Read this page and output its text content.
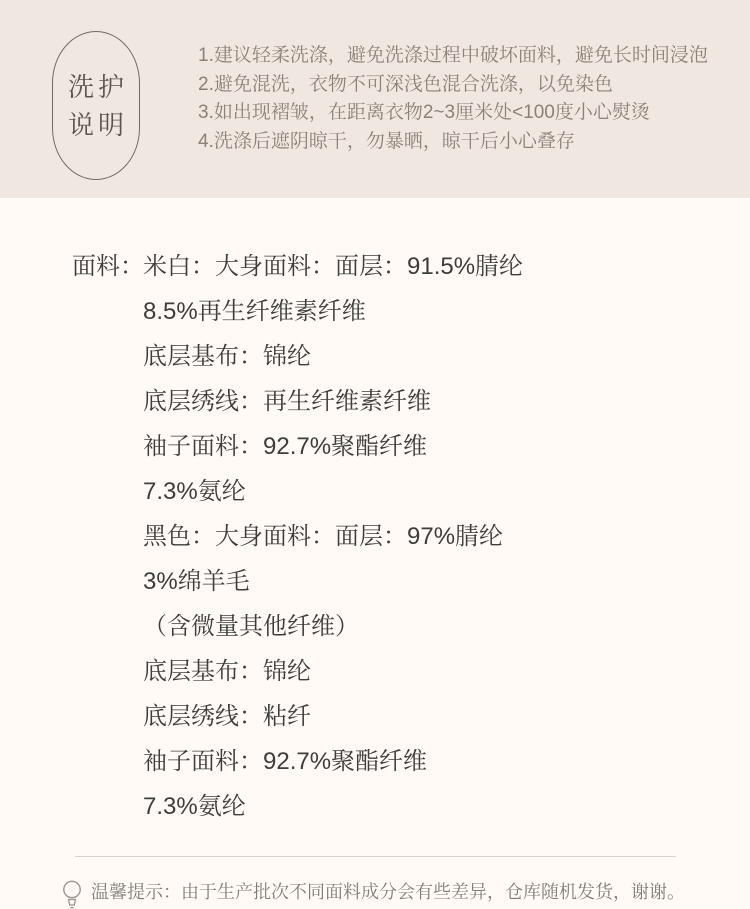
洗护
说明
1.建议轻柔洗涤，避免洗涤过程中破坏面料，避免长时间浸泡
2.避免混洗，衣物不可深浅色混合洗涤，以免染色
3.如出现褶皱，在距离衣物2~3厘米处<100度小心熨烫
4.洗涤后遮阴晾干，勿暴晒，晾干后小心叠存
面料： 米白：大身面料：面层：91.5%腈纶
8.5%再生纤维素纤维
底层基布：锦纶
底层绣线：再生纤维素纤维
袖子面料：92.7%聚酯纤维
7.3%氨纶
黑色：大身面料：面层：97%腈纶
3%绵羊毛
（含微量其他纤维）
底层基布：锦纶
底层绣线：粘纤
袖子面料：92.7%聚酯纤维
7.3%氨纶
温馨提示：由于生产批次不同面料成分会有些差异，仓库随机发货，谢谢。
